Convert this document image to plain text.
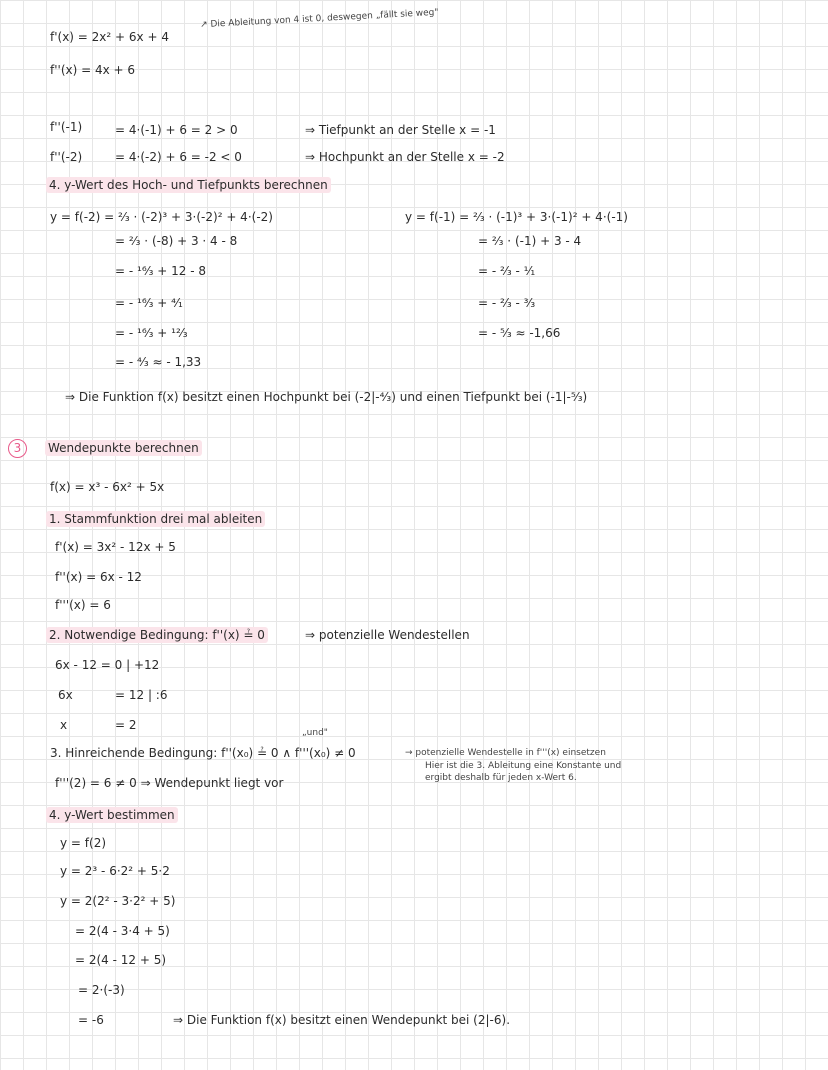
f'(x) = 2x² + 6x + 4
↗ Die Ableitung von 4 ist 0, deswegen „fällt sie weg"
f''(x) = 4x + 6
f''(-1)	= 4·(-1) + 6 = 2 > 0	⇒ Tiefpunkt an der Stelle x = -1
f''(-2)	= 4·(-2) + 6 = -2 < 0	⇒ Hochpunkt an der Stelle x = -2
4. y-Wert des Hoch- und Tiefpunkts berechnen
y = f(-2) = ²⁄₃ · (-2)³ + 3·(-2)² + 4·(-2)
= ²⁄₃ · (-8) + 3 · 4 - 8
= - ¹⁶⁄₃ + 12 - 8
= - ¹⁶⁄₃ + ⁴⁄₁
= - ¹⁶⁄₃ + ¹²⁄₃
= - ⁴⁄₃ ≈ - 1,33
y = f(-1) = ²⁄₃ · (-1)³ + 3·(-1)² + 4·(-1)
= ²⁄₃ · (-1) + 3 - 4
= - ²⁄₃ - ¹⁄₁
= - ²⁄₃ - ³⁄₃
= - ⁵⁄₃ ≈ -1,66
⇒ Die Funktion f(x) besitzt einen Hochpunkt bei (-2|-⁴⁄₃) und einen Tiefpunkt bei (-1|-⁵⁄₃)
3	Wendepunkte berechnen
f(x) = x³ - 6x² + 5x
1. Stammfunktion drei mal ableiten
f'(x) = 3x² - 12x + 5
f''(x) = 6x - 12
f'''(x) = 6
2. Notwendige Bedingung: f''(x) ≟ 0	⇒ potenzielle Wendestellen
6x - 12 = 0 | +12
6x	= 12 | :6
x	= 2
„und"
3. Hinreichende Bedingung: f''(x₀) ≟ 0 ∧ f'''(x₀) ≠ 0
f'''(2) = 6 ≠ 0 ⇒ Wendepunkt liegt vor
→ potenzielle Wendestelle in f'''(x) einsetzen
Hier ist die 3. Ableitung eine Konstante und
ergibt deshalb für jeden x-Wert 6.
4. y-Wert bestimmen
y = f(2)
y = 2³ - 6·2² + 5·2
y = 2(2² - 3·2² + 5)
= 2(4 - 3·4 + 5)
= 2(4 - 12 + 5)
= 2·(-3)
= -6	⇒ Die Funktion f(x) besitzt einen Wendepunkt bei (2|-6).
